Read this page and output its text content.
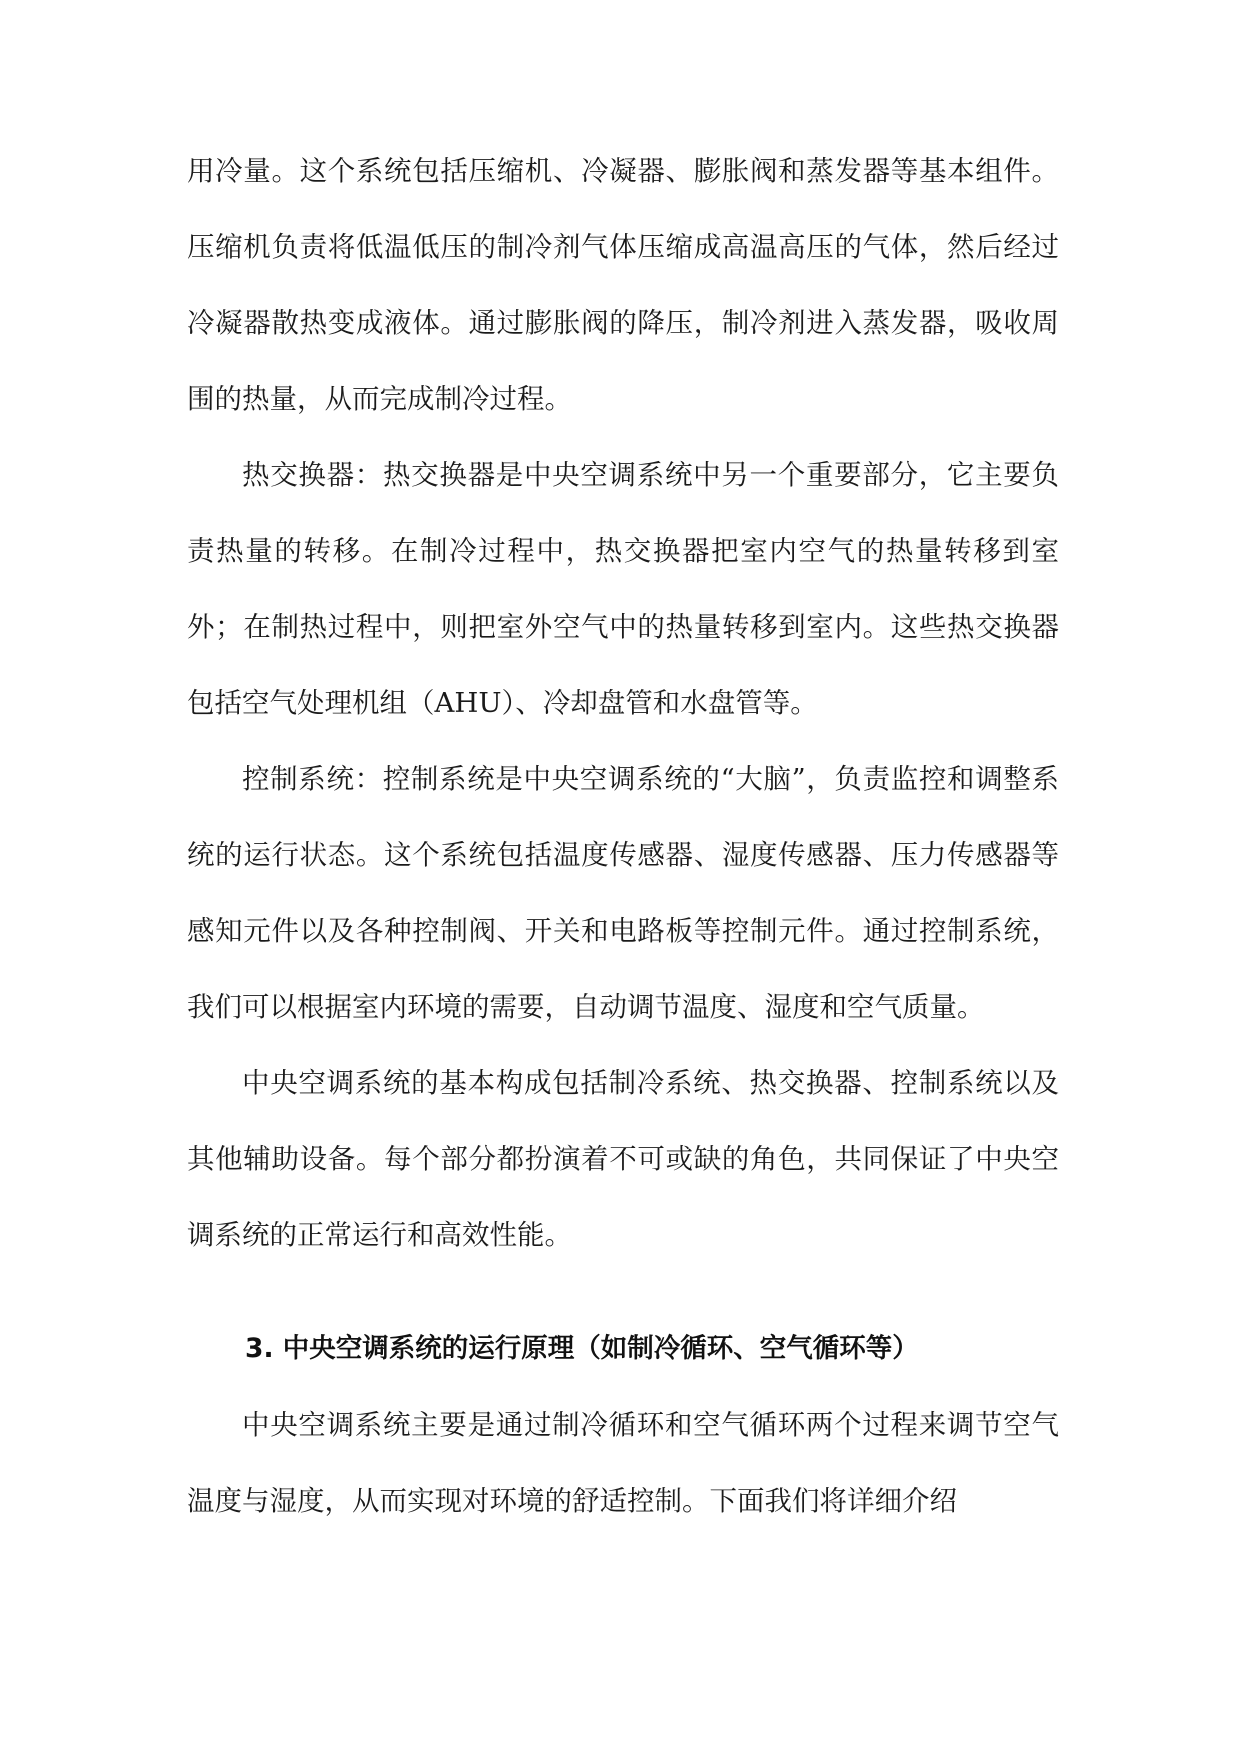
用冷量。这个系统包括压缩机、冷凝器、膨胀阀和蒸发器等基本组件。压缩机负责将低温低压的制冷剂气体压缩成高温高压的气体，然后经过冷凝器散热变成液体。通过膨胀阀的降压，制冷剂进入蒸发器，吸收周围的热量，从而完成制冷过程。

热交换器：热交换器是中央空调系统中另一个重要部分，它主要负责热量的转移。在制冷过程中，热交换器把室内空气的热量转移到室外；在制热过程中，则把室外空气中的热量转移到室内。这些热交换器包括空气处理机组（AHU）、冷却盘管和水盘管等。

控制系统：控制系统是中央空调系统的“大脑”，负责监控和调整系统的运行状态。这个系统包括温度传感器、湿度传感器、压力传感器等感知元件以及各种控制阀、开关和电路板等控制元件。通过控制系统，我们可以根据室内环境的需要，自动调节温度、湿度和空气质量。

中央空调系统的基本构成包括制冷系统、热交换器、控制系统以及其他辅助设备。每个部分都扮演着不可或缺的角色，共同保证了中央空调系统的正常运行和高效性能。

3. 中央空调系统的运行原理（如制冷循环、空气循环等）

中央空调系统主要是通过制冷循环和空气循环两个过程来调节空气温度与湿度，从而实现对环境的舒适控制。下面我们将详细介绍
